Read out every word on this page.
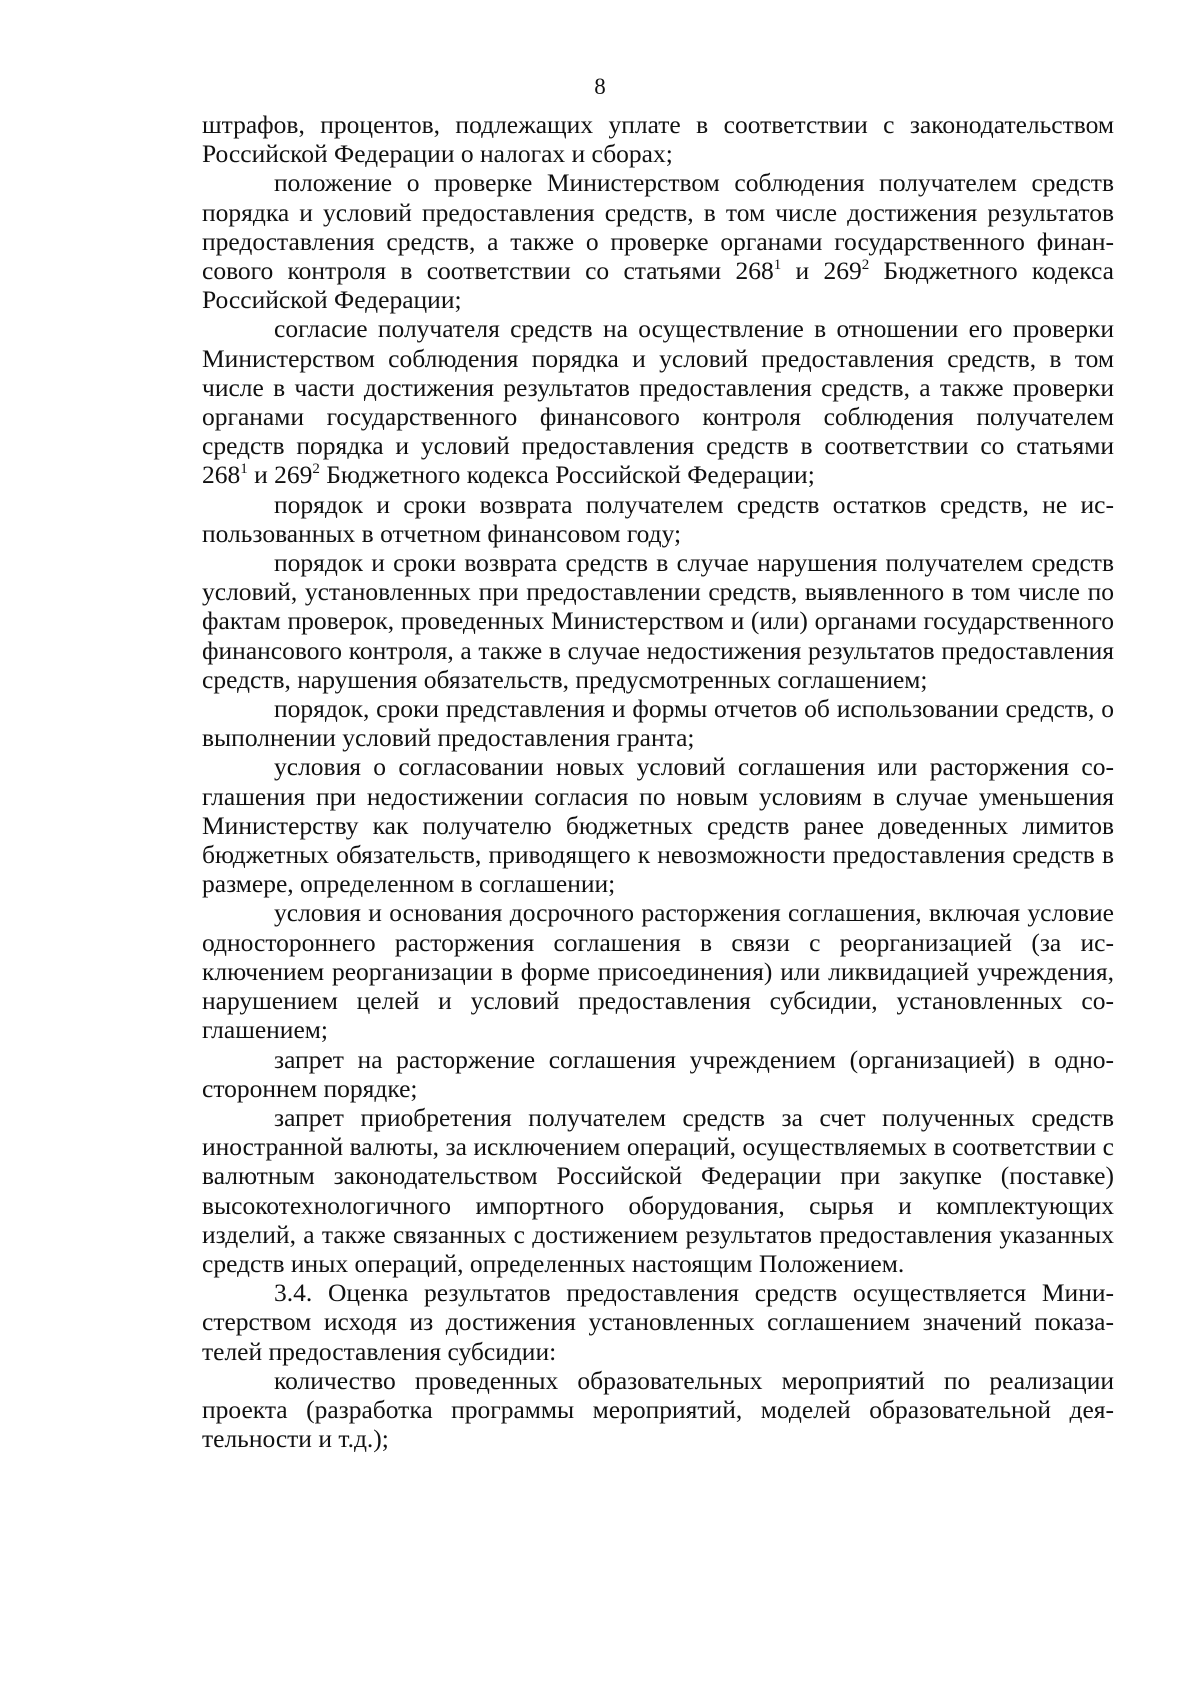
8

штрафов, процентов, подлежащих уплате в соответствии с законодательством Российской Федерации о налогах и сборах;

положение о проверке Министерством соблюдения получателем средств порядка и условий предоставления средств, в том числе достижения результатов предоставления средств, а также о проверке органами государственного финансового контроля в соответствии со статьями $268^1$ и $269^2$ Бюджетного кодекса Российской Федерации;

согласие получателя средств на осуществление в отношении его проверки Министерством соблюдения порядка и условий предоставления средств, в том числе в части достижения результатов предоставления средств, а также проверки органами государственного финансового контроля соблюдения получателем средств порядка и условий предоставления средств в соответствии со статьями $268^1$ и $269^2$ Бюджетного кодекса Российской Федерации;

порядок и сроки возврата получателем средств остатков средств, не использованных в отчетном финансовом году;

порядок и сроки возврата средств в случае нарушения получателем средств условий, установленных при предоставлении средств, выявленного в том числе по фактам проверок, проведенных Министерством и (или) органами государственного финансового контроля, а также в случае недостижения результатов предоставления средств, нарушения обязательств, предусмотренных соглашением;

порядок, сроки представления и формы отчетов об использовании средств, о выполнении условий предоставления гранта;

условия о согласовании новых условий соглашения или расторжения соглашения при недостижении согласия по новым условиям в случае уменьшения Министерству как получателю бюджетных средств ранее доведенных лимитов бюджетных обязательств, приводящего к невозможности предоставления средств в размере, определенном в соглашении;

условия и основания досрочного расторжения соглашения, включая условие одностороннего расторжения соглашения в связи с реорганизацией (за исключением реорганизации в форме присоединения) или ликвидацией учреждения, нарушением целей и условий предоставления субсидии, установленных соглашением;

запрет на расторжение соглашения учреждением (организацией) в одностороннем порядке;

запрет приобретения получателем средств за счет полученных средств иностранной валюты, за исключением операций, осуществляемых в соответствии с валютным законодательством Российской Федерации при закупке (поставке) высокотехнологичного импортного оборудования, сырья и комплектующих изделий, а также связанных с достижением результатов предоставления указанных средств иных операций, определенных настоящим Положением.

3.4. Оценка результатов предоставления средств осуществляется Министерством исходя из достижения установленных соглашением значений показателей предоставления субсидии:

количество проведенных образовательных мероприятий по реализации проекта (разработка программы мероприятий, моделей образовательной деятельности и т.д.);
